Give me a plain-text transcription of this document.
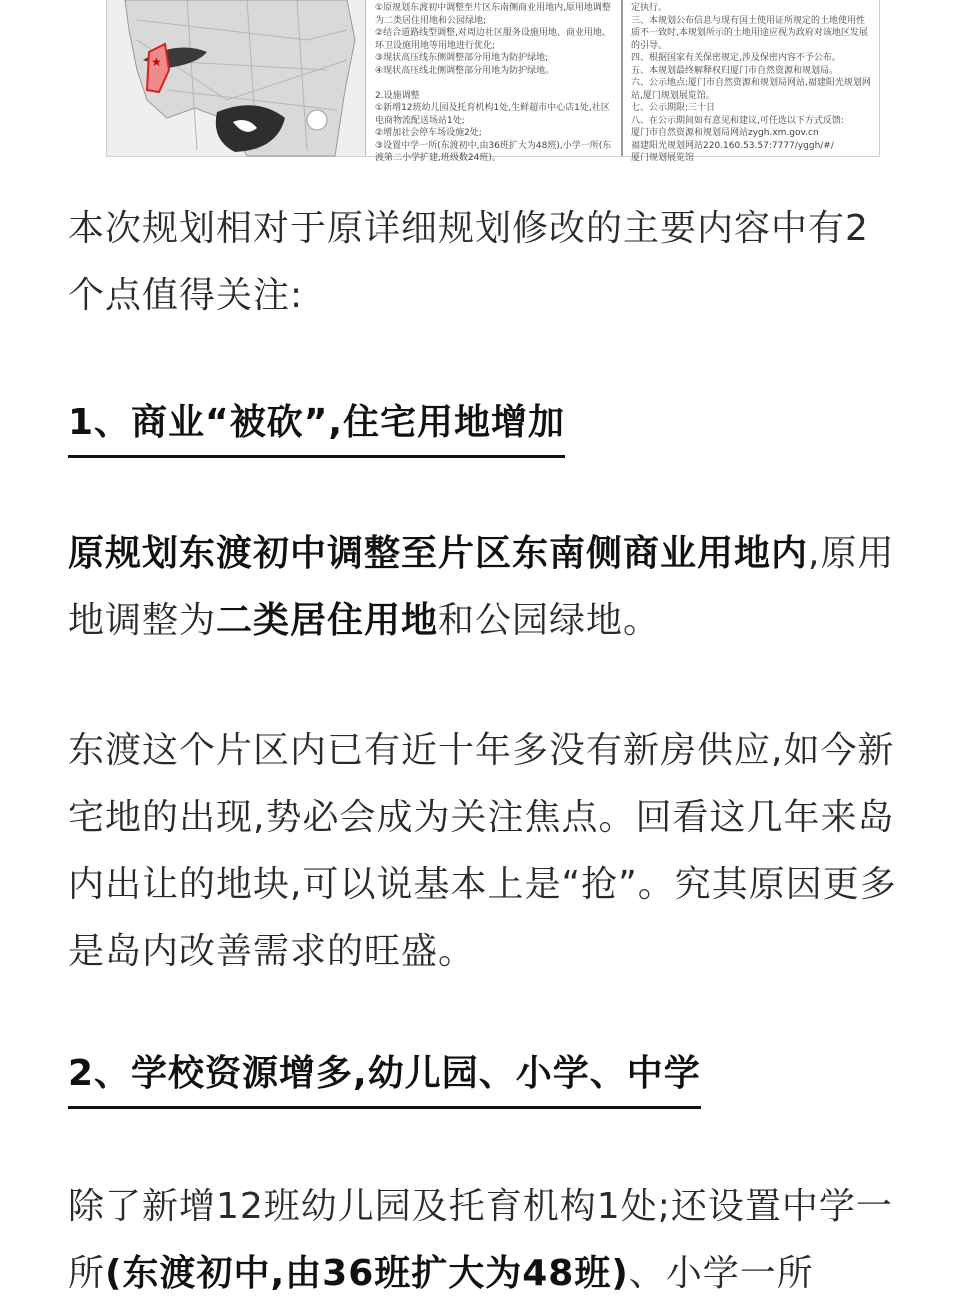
★
①原规划东渡初中调整至片区东南侧商业用地内,原用地调整为二类居住用地和公园绿地;
②结合道路线型调整,对周边社区服务设施用地、商业用地、环卫设施用地等用地进行优化;
③现状高压线东侧调整部分用地为防护绿地;
④现状高压线北侧调整部分用地为防护绿地。

2.设施调整
①新增12班幼儿园及托育机构1处,生鲜超市中心店1处,社区电商物流配送场站1处;
②增加社会停车场设施2处;
③设置中学一所(东渡初中,由36班扩大为48班),小学一所(东渡第二小学扩建,班级数24班)。
定执行。
三、本规划公布信息与现有国土使用证所规定的土地使用性质不一致时,本规划所示的土地用途应视为政府对该地区发展的引导。
四、根据国家有关保密规定,涉及保密内容不予公布。
五、本规划最终解释权归厦门市自然资源和规划局。
六、公示地点:厦门市自然资源和规划局网站,福建阳光规划网站,厦门规划展览馆。
七、公示期限:三十日
八、在公示期间如有意见和建议,可任选以下方式反馈:
厦门市自然资源和规划局网站zygh.xm.gov.cn
福建阳光规划网站220.160.53.57:7777/yggh/#/
厦门规划展览馆
本次规划相对于原详细规划修改的主要内容中有2个点值得关注:
1、商业“被砍”,住宅用地增加
原规划东渡初中调整至片区东南侧商业用地内,原用地调整为二类居住用地和公园绿地。
东渡这个片区内已有近十年多没有新房供应,如今新宅地的出现,势必会成为关注焦点。回看这几年来岛内出让的地块,可以说基本上是“抢”。究其原因更多是岛内改善需求的旺盛。
2、学校资源增多,幼儿园、小学、中学
除了新增12班幼儿园及托育机构1处;还设置中学一所(东渡初中,由36班扩大为48班)、小学一所
